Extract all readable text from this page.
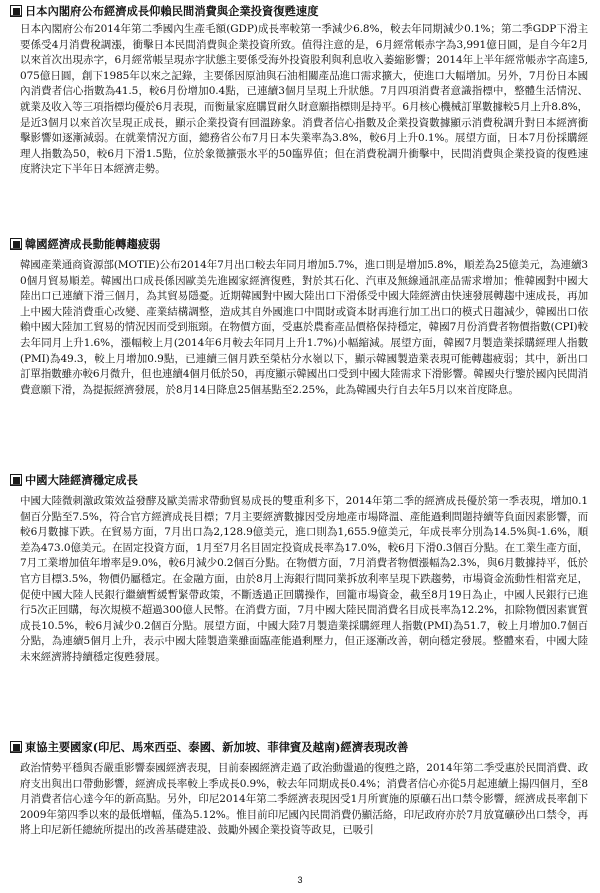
日本內閣府公布經濟成長仰賴民間消費與企業投資復甦速度

日本內閣府公布2014年第二季國內生產毛額(GDP)成長率較第一季減少6.8%，較去年同期減少0.1%；第二季GDP下滑主要係受4月消費稅調漲，衝擊日本民間消費與企業投資所致。值得注意的是，6月經常帳赤字為3,991億日圓，是自今年2月以來首次出現赤字，6月經常帳呈現赤字狀態主要係受海外投資股利與利息收入萎縮影響；2014年上半年經常帳赤字高達5,075億日圓，創下1985年以來之記錄，主要係因原油與石油相關產品進口需求擴大，使進口大幅增加。另外，7月份日本國內消費者信心指數為41.5，較6月份增加0.4點，已連續3個月呈現上升狀態。7月四項消費者意識指標中，整體生活情況、就業及收入等三項指標均優於6月表現，而衡量家庭購買耐久財意願指標則是持平。6月核心機械訂單數據較5月上升8.8%，是近3個月以來首次呈現正成長，顯示企業投資有回溫跡象。消費者信心指數及企業投資數據顯示消費稅調升對日本經濟衝擊影響如逐漸減弱。在就業情況方面，總務省公布7月日本失業率為3.8%，較6月上升0.1%。展望方面，日本7月份採購經理人指數為50，較6月下滑1.5點，位於象徵擴張水平的50臨界值；但在消費稅調升衝擊中，民間消費與企業投資的復甦速度將決定下半年日本經濟走勢。

韓國經濟成長動能轉趨疲弱

韓國產業通商資源部(MOTIE)公布2014年7月出口較去年同月增加5.7%，進口則是增加5.8%，順差為25億美元，為連續30個月貿易順差。韓國出口成長係因歐美先進國家經濟復甦，對於其石化、汽車及無線通訊產品需求增加；惟韓國對中國大陸出口已連續下滑三個月，為其貿易隱憂。近期韓國對中國大陸出口下滑係受中國大陸經濟由快速發展轉趨中速成長，再加上中國大陸消費重心改變、產業結構調整，造成其自外國進口中間財或資本財再進行加工出口的模式日趨減少，韓國出口依賴中國大陸加工貿易的情況因而受到瓶頸。在物價方面，受惠於農畜產品價格保持穩定，韓國7月份消費者物價指數(CPI)較去年同月上升1.6%，漲幅較上月(2014年6月較去年同月上升1.7%)小幅縮減。展望方面，韓國7月製造業採購經理人指數(PMI)為49.3，較上月增加0.9點，已連續三個月跌至榮枯分水嶺以下，顯示韓國製造業表現可能轉趨疲弱；其中，新出口訂單指數雖亦較6月微升，但也連續4個月低於50，再度顯示韓國出口受到中國大陸需求下滑影響。韓國央行鑒於國內民間消費意願下滑，為提振經濟發展，於8月14日降息25個基點至2.25%，此為韓國央行自去年5月以來首度降息。

中國大陸經濟穩定成長

中國大陸微刺激政策效益發酵及歐美需求帶動貿易成長的雙重利多下，2014年第二季的經濟成長優於第一季表現，增加0.1個百分點至7.5%，符合官方經濟成長目標；7月主要經濟數據因受房地產市場降溫、產能過剩問題持續等負面因素影響，而較6月數據下跌。在貿易方面，7月出口為2,128.9億美元，進口則為1,655.9億美元，年成長率分別為14.5%與-1.6%，順差為473.0億美元。在固定投資方面，1月至7月名目固定投資成長率為17.0%，較6月下滑0.3個百分點。在工業生產方面，7月工業增加值年增率是9.0%，較6月減少0.2個百分點。在物價方面，7月消費者物價漲幅為2.3%，與6月數據持平，低於官方目標3.5%，物價仍屬穩定。在金融方面，由於8月上海銀行間同業拆放利率呈現下跌趨勢，市場資金流動性相當充足，促使中國大陸人民銀行繼續暫緩暫緊帶政策，不斷透過正回購操作，回籠市場資金，截至8月19日為止，中國人民銀行已進行5次正回購，每次規模不超過300億人民幣。在消費方面，7月中國大陸民間消費名目成長率為12.2%，扣除物價因素實質成長10.5%，較6月減少0.2個百分點。展望方面，中國大陸7月製造業採購經理人指數(PMI)為51.7，較上月增加0.7個百分點，為連續5個月上升，表示中國大陸製造業雖面臨產能過剩壓力，但正逐漸改善，朝向穩定發展。整體來看，中國大陸未來經濟將持續穩定復甦發展。

東協主要國家(印尼、馬來西亞、泰國、新加坡、菲律賓及越南)經濟表現改善

政治情勢平穩與否嚴重影響泰國經濟表現，目前泰國經濟走過了政治動盪過的復甦之路，2014年第二季受惠於民間消費、政府支出與出口帶動影響，經濟成長率較上季成長0.9%，較去年同期成長0.4%；消費者信心亦從5月起連續上揚四個月，至8月消費者信心達今年的新高點。另外，印尼2014年第二季經濟表現因受1月所實施的原礦石出口禁令影響，經濟成長率創下2009年第四季以來的最低增幅，僅為5.12%。惟目前印尼國內民間消費仍顯活絡，印尼政府亦於7月放寬礦砂出口禁令，再將上印尼新任總統所提出的改善基礎建設、鼓勵外國企業投資等政見，已吸引

3
